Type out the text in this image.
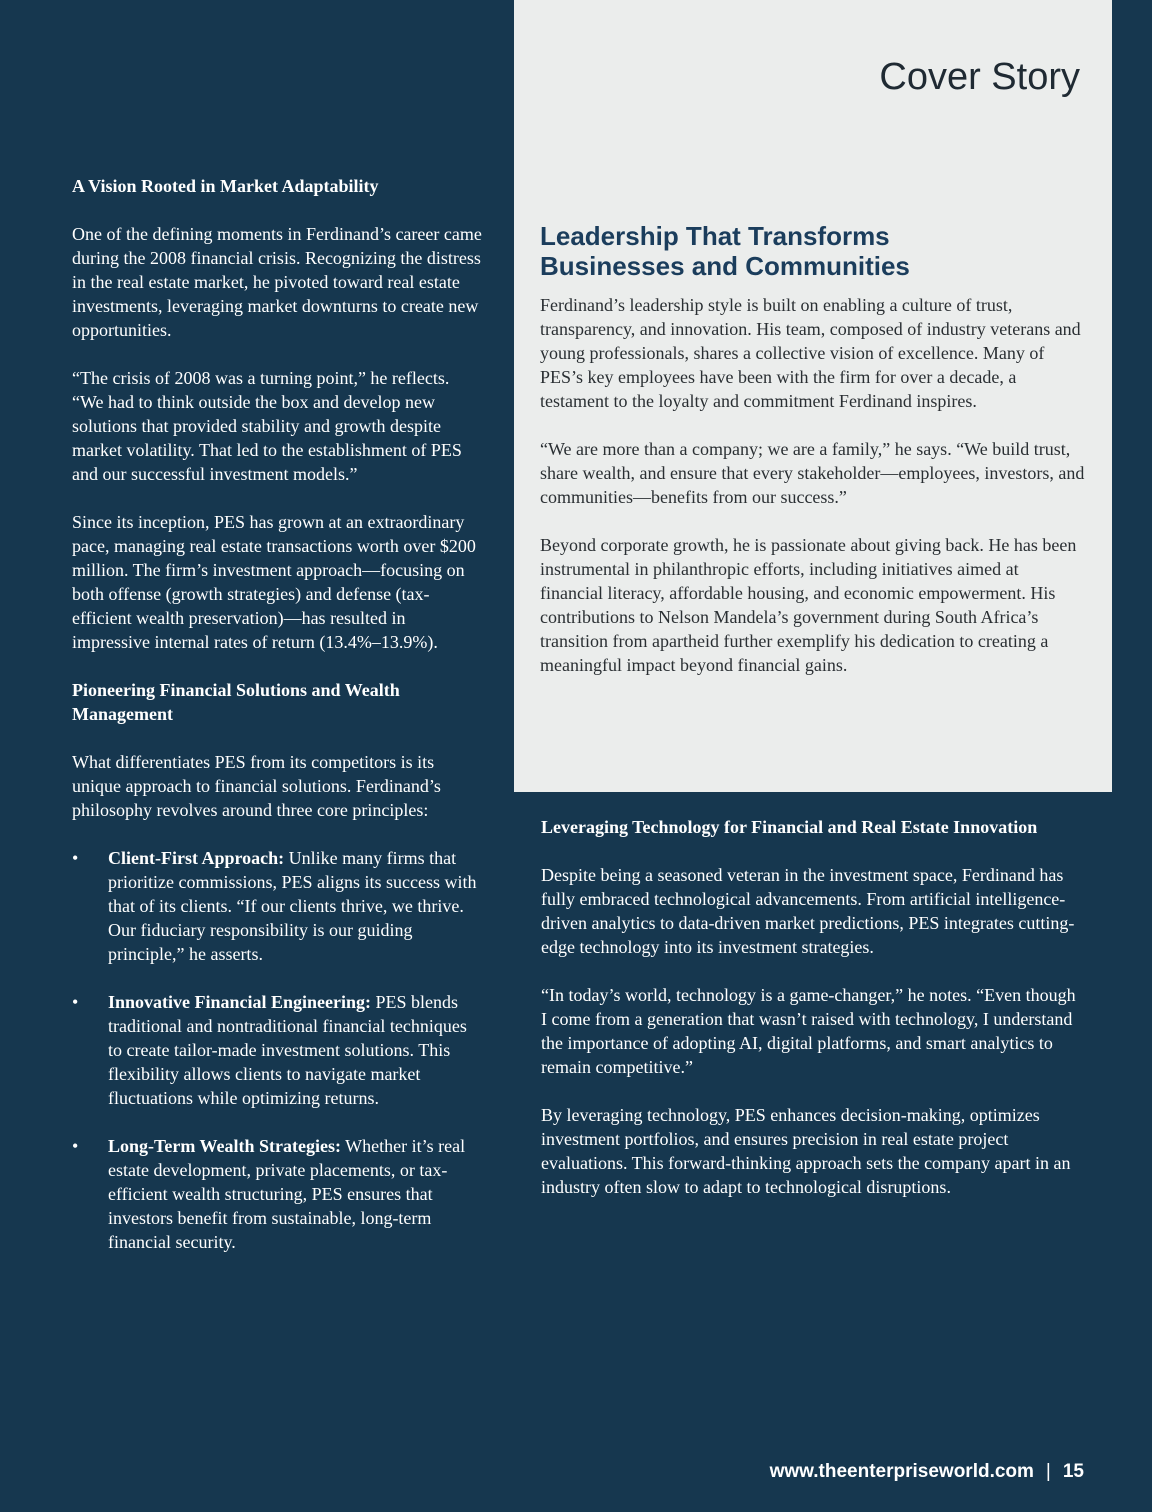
Cover Story
A Vision Rooted in Market Adaptability

One of the defining moments in Ferdinand’s career came during the 2008 financial crisis. Recognizing the distress in the real estate market, he pivoted toward real estate investments, leveraging market downturns to create new opportunities.

“The crisis of 2008 was a turning point,” he reflects. “We had to think outside the box and develop new solutions that provided stability and growth despite market volatility. That led to the establishment of PES and our successful investment models.”

Since its inception, PES has grown at an extraordinary pace, managing real estate transactions worth over $200 million. The firm’s investment approach—focusing on both offense (growth strategies) and defense (tax-efficient wealth preservation)—has resulted in impressive internal rates of return (13.4%–13.9%).

Pioneering Financial Solutions and Wealth Management

What differentiates PES from its competitors is its unique approach to financial solutions. Ferdinand’s philosophy revolves around three core principles:

• Client-First Approach: Unlike many firms that prioritize commissions, PES aligns its success with that of its clients. “If our clients thrive, we thrive. Our fiduciary responsibility is our guiding principle,” he asserts.
• Innovative Financial Engineering: PES blends traditional and nontraditional financial techniques to create tailor-made investment solutions. This flexibility allows clients to navigate market fluctuations while optimizing returns.
• Long-Term Wealth Strategies: Whether it’s real estate development, private placements, or tax-efficient wealth structuring, PES ensures that investors benefit from sustainable, long-term financial security.
Leadership That Transforms Businesses and Communities

Ferdinand’s leadership style is built on enabling a culture of trust, transparency, and innovation. His team, composed of industry veterans and young professionals, shares a collective vision of excellence. Many of PES’s key employees have been with the firm for over a decade, a testament to the loyalty and commitment Ferdinand inspires.

“We are more than a company; we are a family,” he says. “We build trust, share wealth, and ensure that every stakeholder—employees, investors, and communities—benefits from our success.”

Beyond corporate growth, he is passionate about giving back. He has been instrumental in philanthropic efforts, including initiatives aimed at financial literacy, affordable housing, and economic empowerment. His contributions to Nelson Mandela’s government during South Africa’s transition from apartheid further exemplify his dedication to creating a meaningful impact beyond financial gains.

Leveraging Technology for Financial and Real Estate Innovation

Despite being a seasoned veteran in the investment space, Ferdinand has fully embraced technological advancements. From artificial intelligence-driven analytics to data-driven market predictions, PES integrates cutting-edge technology into its investment strategies.

“In today’s world, technology is a game-changer,” he notes. “Even though I come from a generation that wasn’t raised with technology, I understand the importance of adopting AI, digital platforms, and smart analytics to remain competitive.”

By leveraging technology, PES enhances decision-making, optimizes investment portfolios, and ensures precision in real estate project evaluations. This forward-thinking approach sets the company apart in an industry often slow to adapt to technological disruptions.

www.theenterpriseworld.com | 15
